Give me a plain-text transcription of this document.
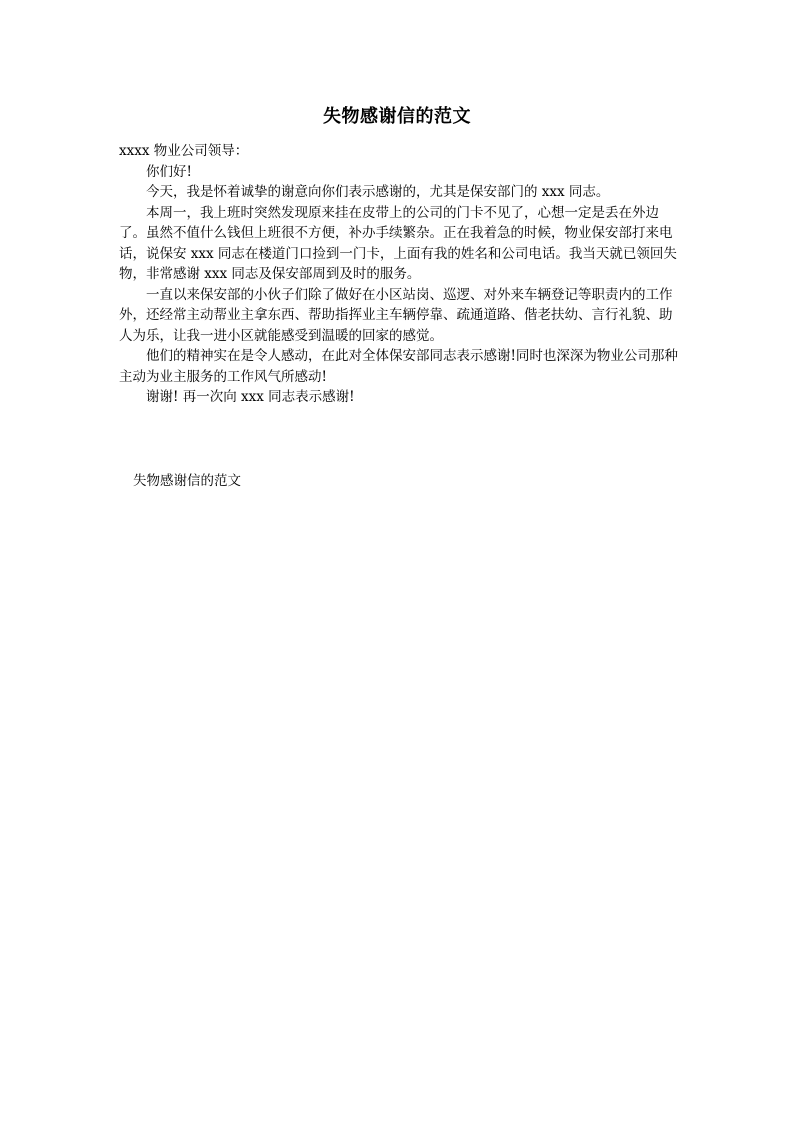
失物感谢信的范文

xxxx 物业公司领导：

你们好!

今天，我是怀着诚挚的谢意向你们表示感谢的，尤其是保安部门的 xxx 同志。

本周一，我上班时突然发现原来挂在皮带上的公司的门卡不见了，心想一定是丢在外边了。虽然不值什么钱但上班很不方便，补办手续繁杂。正在我着急的时候，物业保安部打来电话，说保安 xxx 同志在楼道门口捡到一门卡，上面有我的姓名和公司电话。我当天就已领回失物，非常感谢 xxx 同志及保安部周到及时的服务。

一直以来保安部的小伙子们除了做好在小区站岗、巡逻、对外来车辆登记等职责内的工作外，还经常主动帮业主拿东西、帮助指挥业主车辆停靠、疏通道路、偕老扶幼、言行礼貌、助人为乐，让我一进小区就能感受到温暖的回家的感觉。

他们的精神实在是令人感动，在此对全体保安部同志表示感谢!同时也深深为物业公司那种主动为业主服务的工作风气所感动!

谢谢! 再一次向 xxx 同志表示感谢!

失物感谢信的范文
